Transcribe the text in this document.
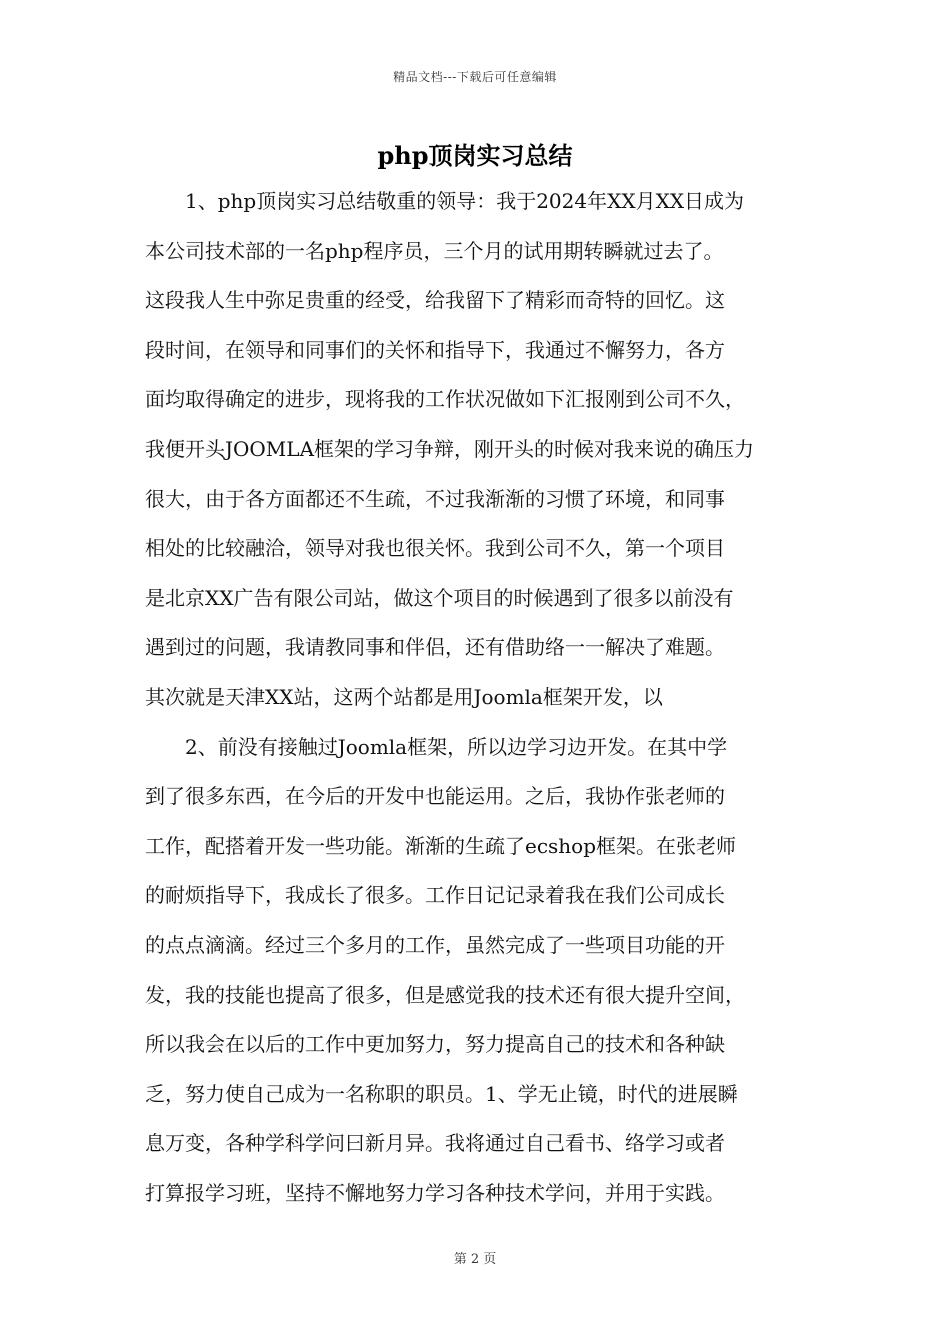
精品文档---下载后可任意编辑
php顶岗实习总结
1、php顶岗实习总结敬重的领导：我于2024年XX月XX日成为
本公司技术部的一名php程序员，三个月的试用期转瞬就过去了。
这段我人生中弥足贵重的经受，给我留下了精彩而奇特的回忆。这
段时间，在领导和同事们的关怀和指导下，我通过不懈努力，各方
面均取得确定的进步，现将我的工作状况做如下汇报刚到公司不久，
我便开头JOOMLA框架的学习争辩，刚开头的时候对我来说的确压力
很大，由于各方面都还不生疏，不过我渐渐的习惯了环境，和同事
相处的比较融洽，领导对我也很关怀。我到公司不久，第一个项目
是北京XX广告有限公司站，做这个项目的时候遇到了很多以前没有
遇到过的问题，我请教同事和伴侣，还有借助络一一解决了难题。
其次就是天津XX站，这两个站都是用Joomla框架开发，以
2、前没有接触过Joomla框架，所以边学习边开发。在其中学
到了很多东西，在今后的开发中也能运用。之后，我协作张老师的
工作，配搭着开发一些功能。渐渐的生疏了ecshop框架。在张老师
的耐烦指导下，我成长了很多。工作日记记录着我在我们公司成长
的点点滴滴。经过三个多月的工作，虽然完成了一些项目功能的开
发，我的技能也提高了很多，但是感觉我的技术还有很大提升空间，
所以我会在以后的工作中更加努力，努力提高自己的技术和各种缺
乏，努力使自己成为一名称职的职员。1、学无止镜，时代的进展瞬
息万变，各种学科学问曰新月异。我将通过自己看书、络学习或者
打算报学习班，坚持不懈地努力学习各种技术学问，并用于实践。
第 2 页
